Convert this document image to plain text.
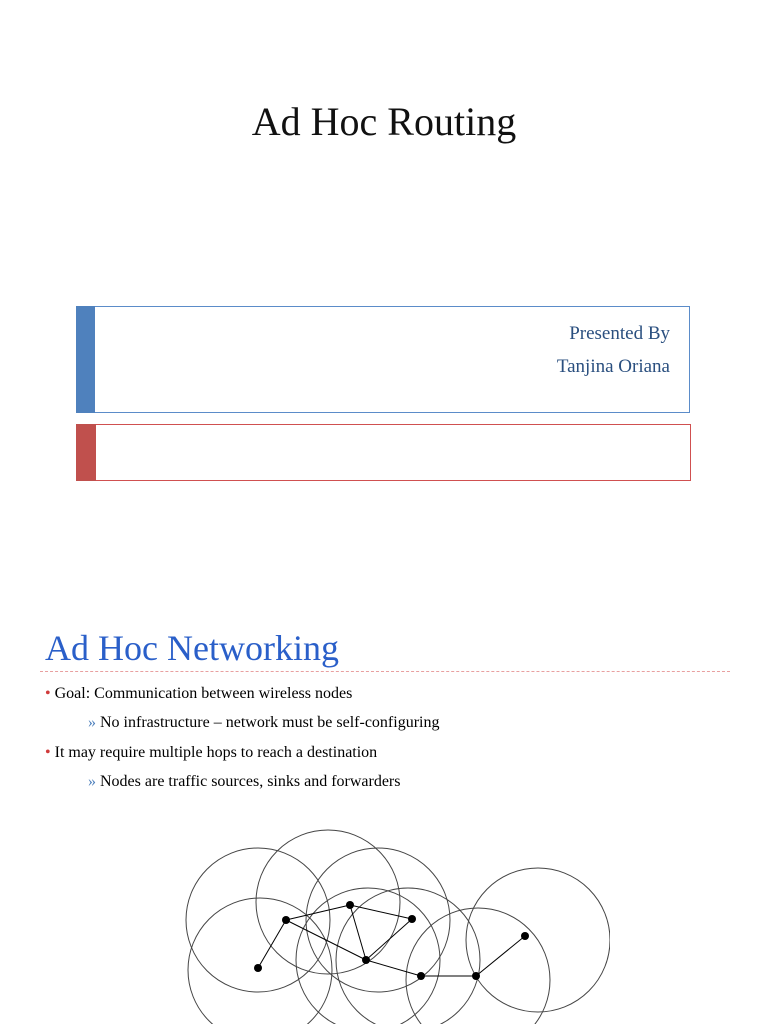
Ad Hoc Routing
Presented By
Tanjina Oriana
Ad Hoc Networking
• Goal: Communication between wireless nodes
» No infrastructure – network must be self-configuring
• It may require multiple hops to reach a destination
» Nodes are traffic sources, sinks and forwarders
